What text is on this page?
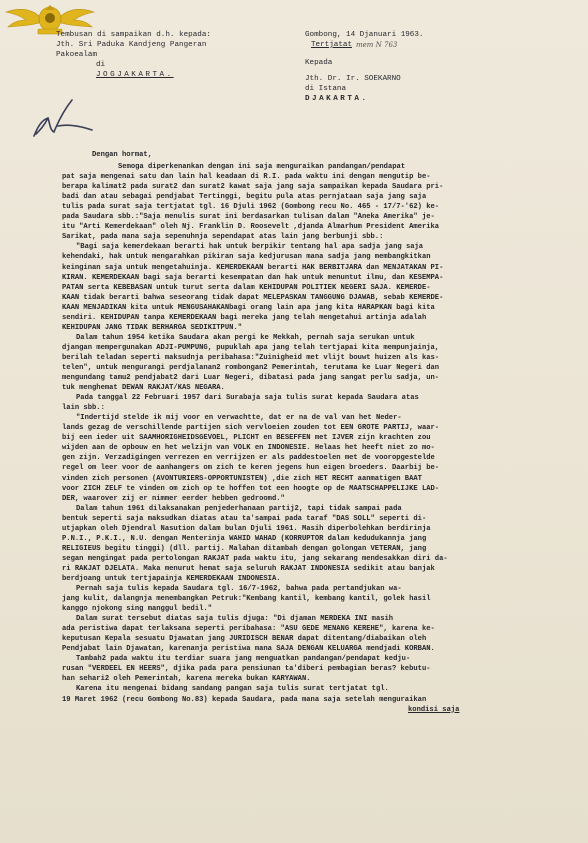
Tembusan di sampaikan d.h. kepada:
Jth. Sri Paduka Kandjeng Pangeran
Pakoealam
di
JOGJAKARTA.
Gombong, 14 Djanuari 1963.
Tertjatat mem N 763
Kepada
Jth. Dr. Ir. SOEKARNO
di Istana
DJAKARTA.
Dengan hormat,
Semoga diperkenankan dengan ini saja menguraikan pandangan/pendapat
pat saja mengenai satu dan lain hal keadaan di R.I. pada waktu ini dengan mengutip be-
berapa kalimat2 pada surat2 dan surat2 kawat saja jang saja sampaikan kepada Saudara pri-
badi dan atau sebagai pendjabat Tertinggi, begitu pula atas pernjataan saja jang saja
tulis pada surat saja tertjatat tgl. 16 Djuli 1962 (Gombong recu No. 465 - 17/7-'62) ke-
pada Saudara sbb.:"Saja menulis surat ini berdasarkan tulisan dalam "Aneka Amerika" je-
itu "Arti Kemerdekaan" oleh Nj. Franklin D. Roosevelt ,djanda Almarhum President Amerika
Sarikat, pada mana saja sepenuhnja sependapat atas lain jang berbunji sbb.:
"Bagi saja kemerdekaan berarti hak untuk berpikir tentang hal apa sadja jang saja
kehendaki, hak untuk mengarahkan pikiran saja kedjurusan mana sadja jang membangkitkan
keinginan saja untuk mengetahuinja. KEMERDEKAAN berarti HAK BERBITJARA dan MENJATAKAN PI-
KIRAN. KEMERDEKAAN bagi saja berarti kesempatan dan hak untuk menuntut ilmu, dan KESEMPA-
PATAN serta KEBEBASAN untuk turut serta dalam KEHIDUPAN POLITIEK NEGERI SAJA. KEMERDE-
KAAN tidak berarti bahwa seseorang tidak dapat MELEPASKAN TANGGUNG DJAWAB, sebab KEMERDE-
KAAN MENJADIKAN kita untuk MENGUSAHAKANbagi orang lain apa jang kita HARAPKAN bagi kita
sendiri. KEHIDUPAN tanpa KEMERDEKAAN bagi mereka jang telah mengetahui artinja adalah
KEHIDUPAN JANG TIDAK BERHARGA SEDIKITPUN."
Dalam tahun 1954 ketika Saudara akan pergi ke Mekkah, pernah saja serukan untuk
djangan mempergunakan ADJI-PUMPUNG, pupuklah apa jang telah tertjapai kita mempunjainja,
berilah teladan seperti maksudnja peribahasa:"Zuinigheid met vlijt bouwt huizen als kas-
telen", untuk mengurangi perdjalanan2 rombongan2 Pemerintah, terutama ke Luar Negeri dan
mengundang tamu2 pendjabat2 dari Luar Negeri, dibatasi pada jang sangat perlu sadja, un-
tuk menghemat DEWAN RAKJAT/KAS NEGARA.
Pada tanggal 22 Februari 1957 dari Surabaja saja tulis surat kepada Saudara atas
lain sbb.:
"Indertijd stelde ik mij voor en verwachtte, dat er na de val van het Neder-
lands gezag de verschillende partijen sich vervloeien zouden tot EEN GROTE PARTIJ, waar-
bij een ieder uit SAAMHORIGHEIDSGEVOEL, PLICHT en BESEFFEN met IJVER zijn krachten zou
wijden aan de opbouw en het welzijn van VOLK en INDONESIE. Helaas het heeft niet zo mo-
gen zijn. Verzadigingen verrezen en verrijzen er als paddestoelen met de vooropgestelde
regel om leer voor de aanhangers om zich te keren jegens hun eigen broeders. Daarbij be-
vinden zich personen (AVONTURIERS-OPPORTUNISTEN) ,die zich HET RECHT aanmatigen BAAT
voor ZICH ZELF te vinden om zich op te hoffen tot een hoogte op de MAATSCHAPPELIJKE LAD-
DER, waarover zij er nimmer eerder hebben gedroomd."
Dalam tahun 1961 dilaksanakan penjederhanaan partij2, tapi tidak sampai pada
bentuk seperti saja maksudkan diatas atau ta'sampai pada taraf "DAS SOLL" seperti di-
utjapkan oleh Djendral Nasution dalam bulan Djuli 1961. Masih diperbolehkan berdirinja
P.N.I., P.K.I., N.U. dengan Menterinja WAHID WAHAD (KORRUPTOR dalam kedudukannja jang
RELIGIEUS begitu tinggi) (dll. partij. Malahan ditambah dengan golongan VETERAN, jang
segan mengingat pada pertolongan RAKJAT pada waktu itu, jang sekarang mendesakkan diri da-
ri RAKJAT DJELATA. Maka menurut hemat saja seluruh RAKJAT INDONESIA sedikit atau banjak
berdjoang untuk tertjapainja KEMERDEKAAN INDONESIA.
Pernah saja tulis kepada Saudara tgl. 16/7-1962, bahwa pada pertandjukan wa-
jang kulit, dalangnja menembangkan Petruk:"Kembang kantil, kembang kantil, golek hasil
kanggo njokong sing manggul bedil."
Dalam surat tersebut diatas saja tulis djuga: "Di djaman MERDEKA INI masih
ada peristiwa dapat terlaksana seperti peribahasa: "ASU GEDE MENANG KEREHE", karena ke-
keputusan Kepala sesuatu Djawatan jang JURIDISCH BENAR dapat ditentang/diabaikan oleh
Pendjabat lain Djawatan, karenanja peristiwa mana SAJA DENGAN KELUARGA mendjadi KORBAN.
Tambah2 pada waktu itu terdiar suara jang menguatkan pandangan/pendapat kedju-
rusan "VERDEEL EN HEERS", djika pada para pensiunan ta'diberi pembagian beras? kebutu-
han sehari2 oleh Pemerintah, karena mereka bukan KARYAWAN.
Karena itu mengenai bidang sandang pangan saja tulis surat tertjatat tgl.
19 Maret 1962 (recu Gombong No.83) kepada Saudara, pada mana saja setelah menguraikan
kondisi saja
